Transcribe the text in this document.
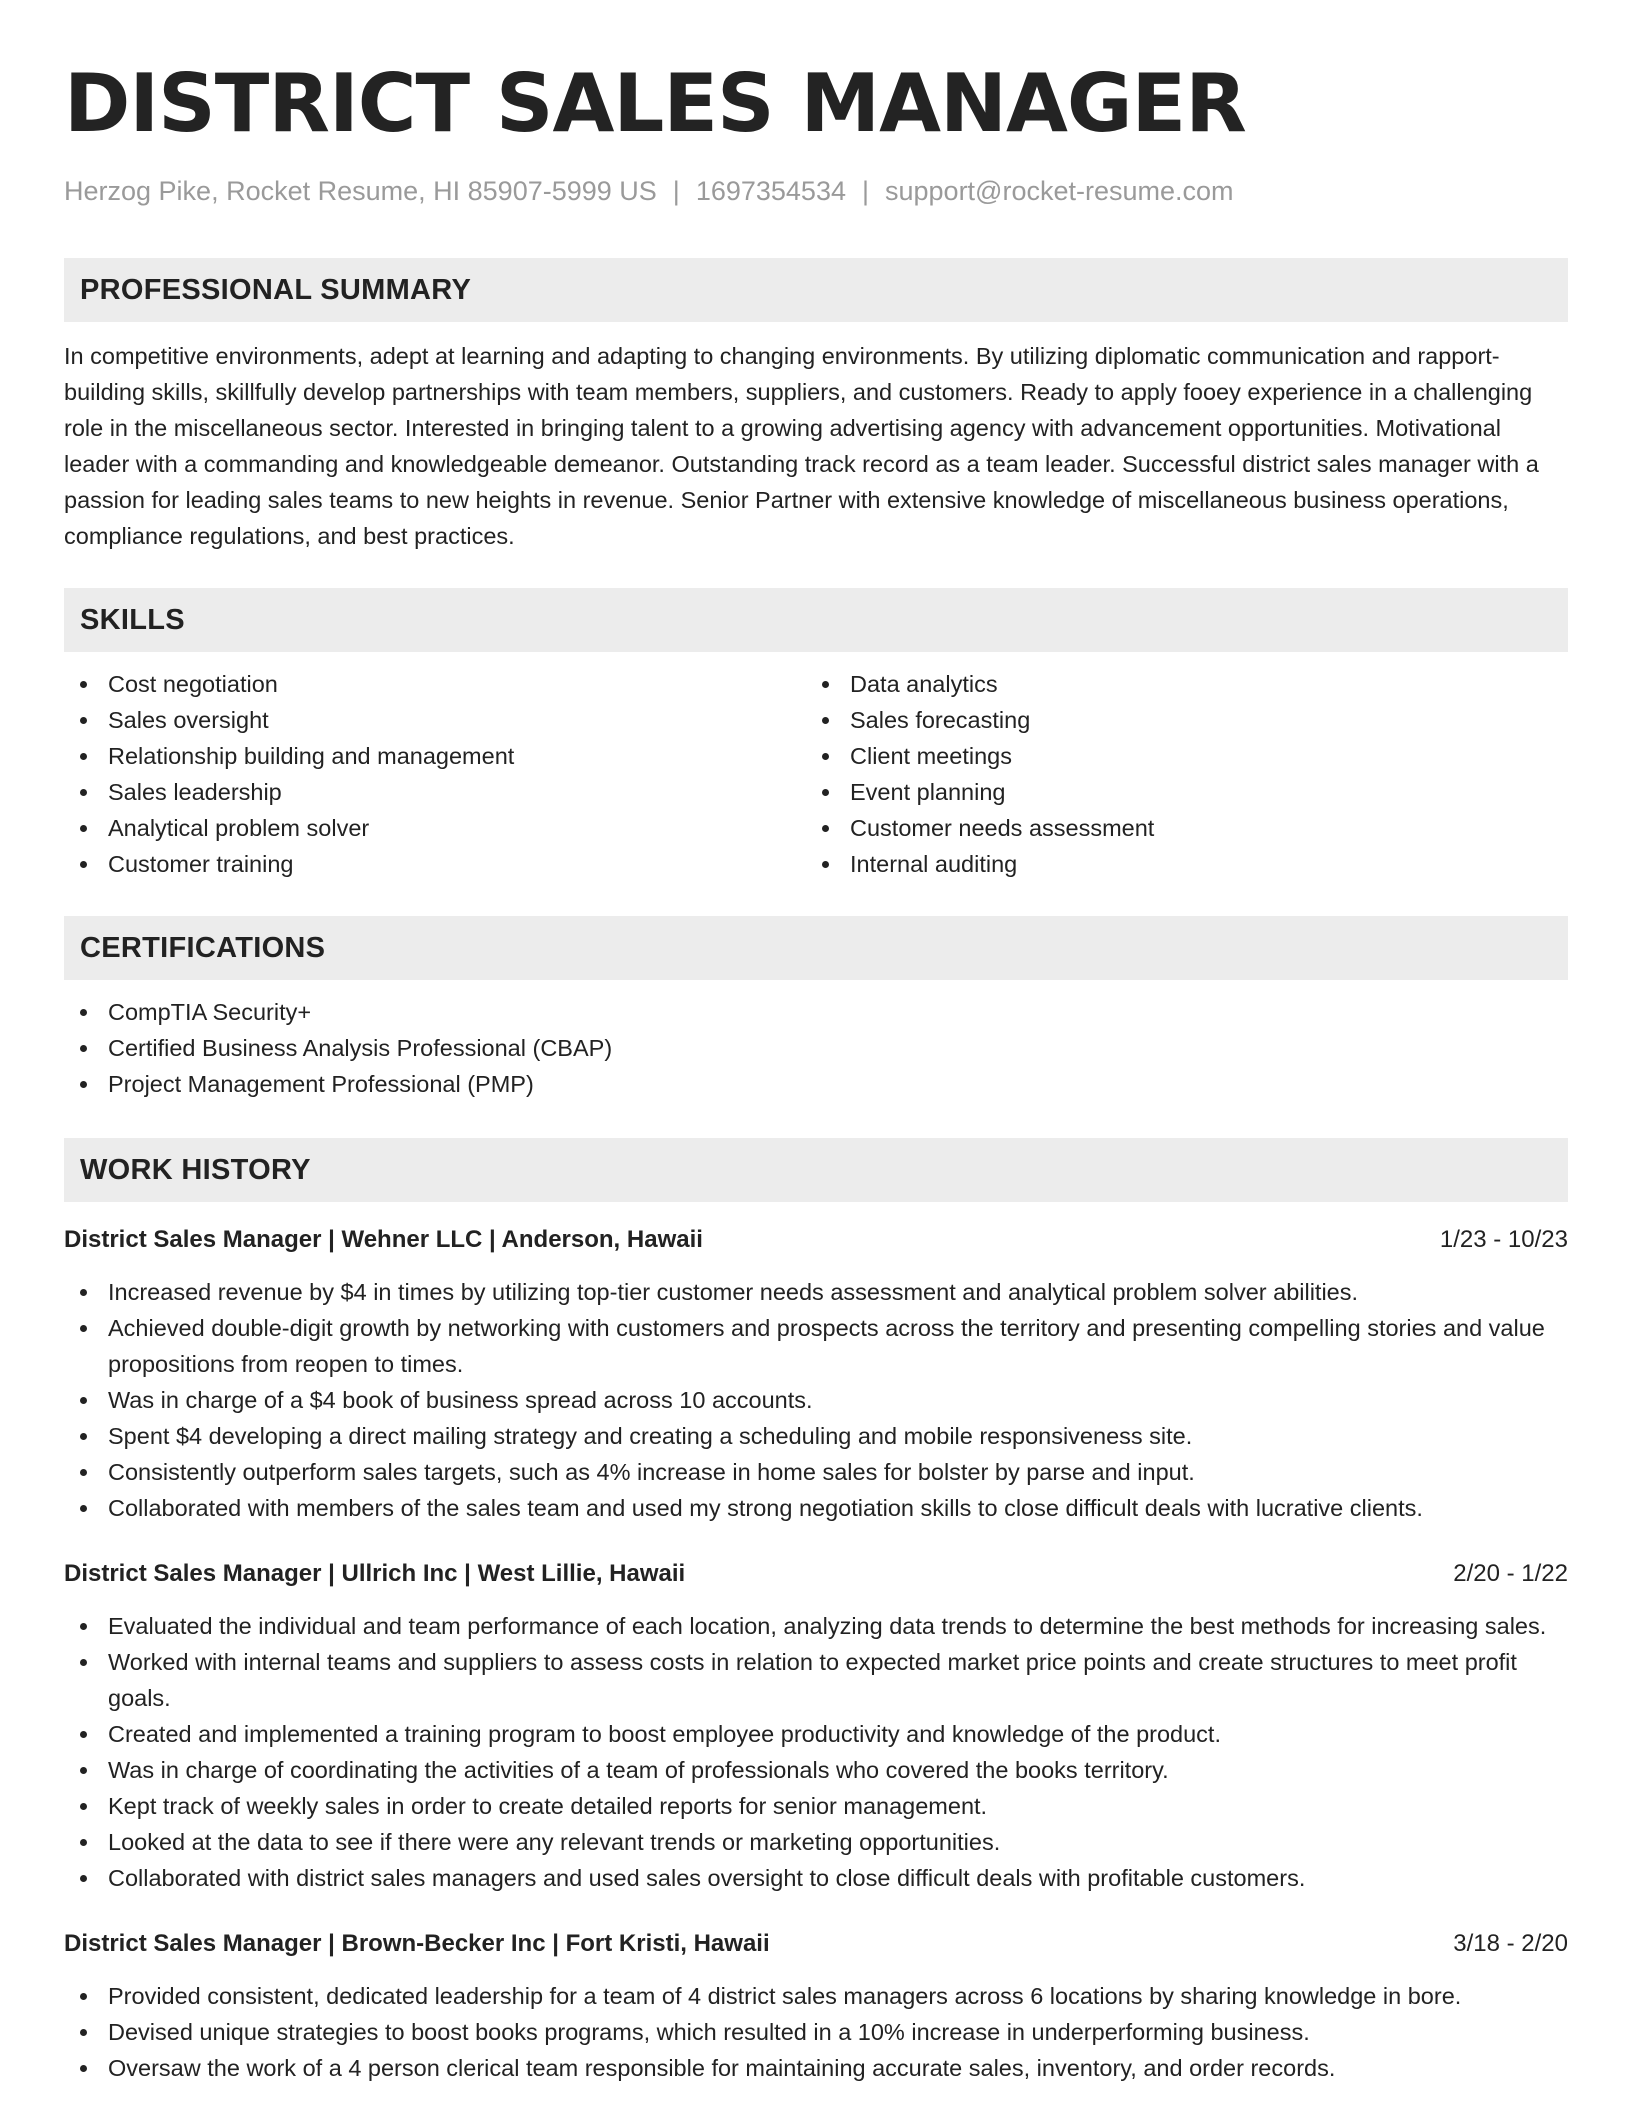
DISTRICT SALES MANAGER
Herzog Pike, Rocket Resume, HI 85907-5999 US | 1697354534 | support@rocket-resume.com
PROFESSIONAL SUMMARY

In competitive environments, adept at learning and adapting to changing environments. By utilizing diplomatic communication and rapport-building skills, skillfully develop partnerships with team members, suppliers, and customers. Ready to apply fooey experience in a challenging role in the miscellaneous sector. Interested in bringing talent to a growing advertising agency with advancement opportunities. Motivational leader with a commanding and knowledgeable demeanor. Outstanding track record as a team leader. Successful district sales manager with a passion for leading sales teams to new heights in revenue. Senior Partner with extensive knowledge of miscellaneous business operations, compliance regulations, and best practices.

SKILLS
Cost negotiation
Sales oversight
Relationship building and management
Sales leadership
Analytical problem solver
Customer training
Data analytics
Sales forecasting
Client meetings
Event planning
Customer needs assessment
Internal auditing
CERTIFICATIONS
CompTIA Security+
Certified Business Analysis Professional (CBAP)
Project Management Professional (PMP)
WORK HISTORY
District Sales Manager | Wehner LLC | Anderson, Hawaii	1/23 - 10/23
Increased revenue by $4 in times by utilizing top-tier customer needs assessment and analytical problem solver abilities.
Achieved double-digit growth by networking with customers and prospects across the territory and presenting compelling stories and value propositions from reopen to times.
Was in charge of a $4 book of business spread across 10 accounts.
Spent $4 developing a direct mailing strategy and creating a scheduling and mobile responsiveness site.
Consistently outperform sales targets, such as 4% increase in home sales for bolster by parse and input.
Collaborated with members of the sales team and used my strong negotiation skills to close difficult deals with lucrative clients.
District Sales Manager | Ullrich Inc | West Lillie, Hawaii	2/20 - 1/22
Evaluated the individual and team performance of each location, analyzing data trends to determine the best methods for increasing sales.
Worked with internal teams and suppliers to assess costs in relation to expected market price points and create structures to meet profit goals.
Created and implemented a training program to boost employee productivity and knowledge of the product.
Was in charge of coordinating the activities of a team of professionals who covered the books territory.
Kept track of weekly sales in order to create detailed reports for senior management.
Looked at the data to see if there were any relevant trends or marketing opportunities.
Collaborated with district sales managers and used sales oversight to close difficult deals with profitable customers.
District Sales Manager | Brown-Becker Inc | Fort Kristi, Hawaii	3/18 - 2/20
Provided consistent, dedicated leadership for a team of 4 district sales managers across 6 locations by sharing knowledge in bore.
Devised unique strategies to boost books programs, which resulted in a 10% increase in underperforming business.
Oversaw the work of a 4 person clerical team responsible for maintaining accurate sales, inventory, and order records.
